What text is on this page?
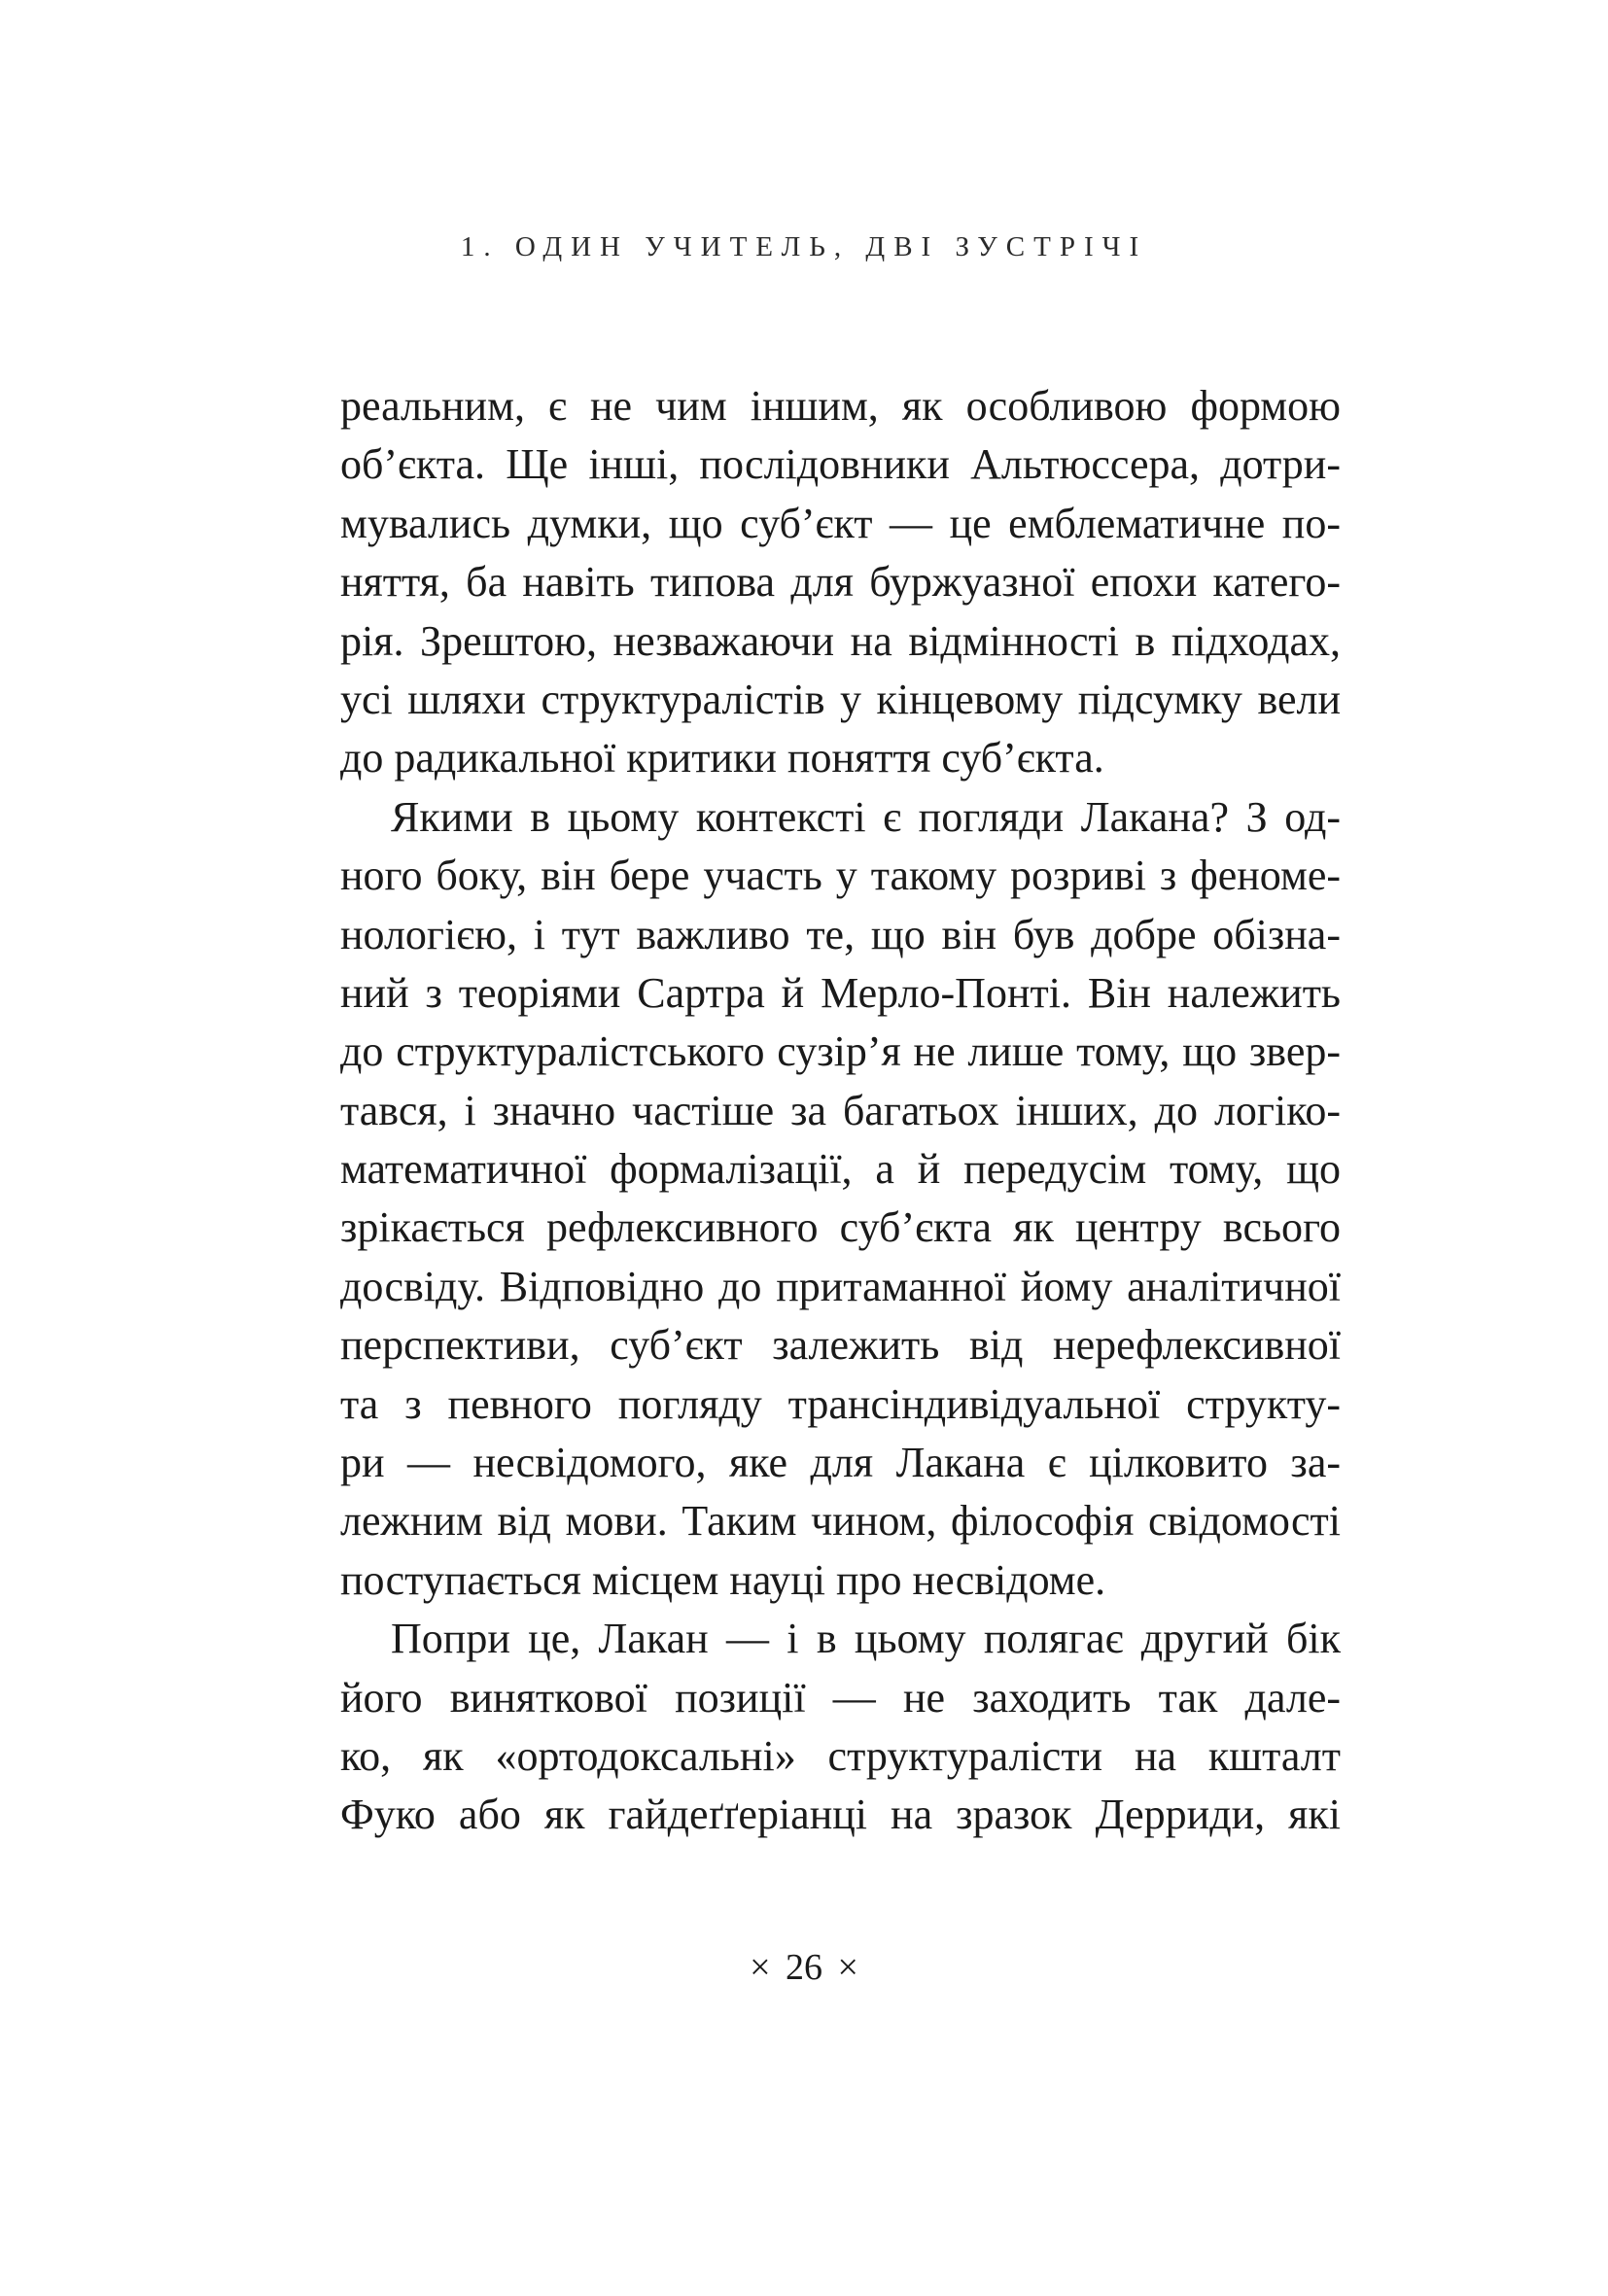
1. ОДИН УЧИТЕЛЬ, ДВІ ЗУСТРІЧІ
реальним, є не чим іншим, як особливою формою
об’єкта. Ще інші, послідовники Альтюссера, дотри-
мувались думки, що суб’єкт — це емблематичне по-
няття, ба навіть типова для буржуазної епохи катего-
рія. Зрештою, незважаючи на відмінності в підходах,
усі шляхи структуралістів у кінцевому підсумку вели
до радикальної критики поняття суб’єкта.
Якими в цьому контексті є погляди Лакана? З од-
ного боку, він бере участь у такому розриві з феноме-
нологією, і тут важливо те, що він був добре обізна-
ний з теоріями Сартра й Мерло-Понті. Він належить
до структуралістського сузір’я не лише тому, що звер-
тався, і значно частіше за багатьох інших, до логіко-
математичної формалізації, а й передусім тому, що
зрікається рефлексивного суб’єкта як центру всього
досвіду. Відповідно до притаманної йому аналітичної
перспективи, суб’єкт залежить від нерефлексивної
та з певного погляду трансіндивідуальної структу-
ри — несвідомого, яке для Лакана є цілковито за-
лежним від мови. Таким чином, філософія свідомості
поступається місцем науці про несвідоме.
Попри це, Лакан — і в цьому полягає другий бік
його виняткової позиції — не заходить так дале-
ко, як «ортодоксальні» структуралісти на кшталт
Фуко або як гайдеґґеріанці на зразок Дерриди, які
× 26 ×
